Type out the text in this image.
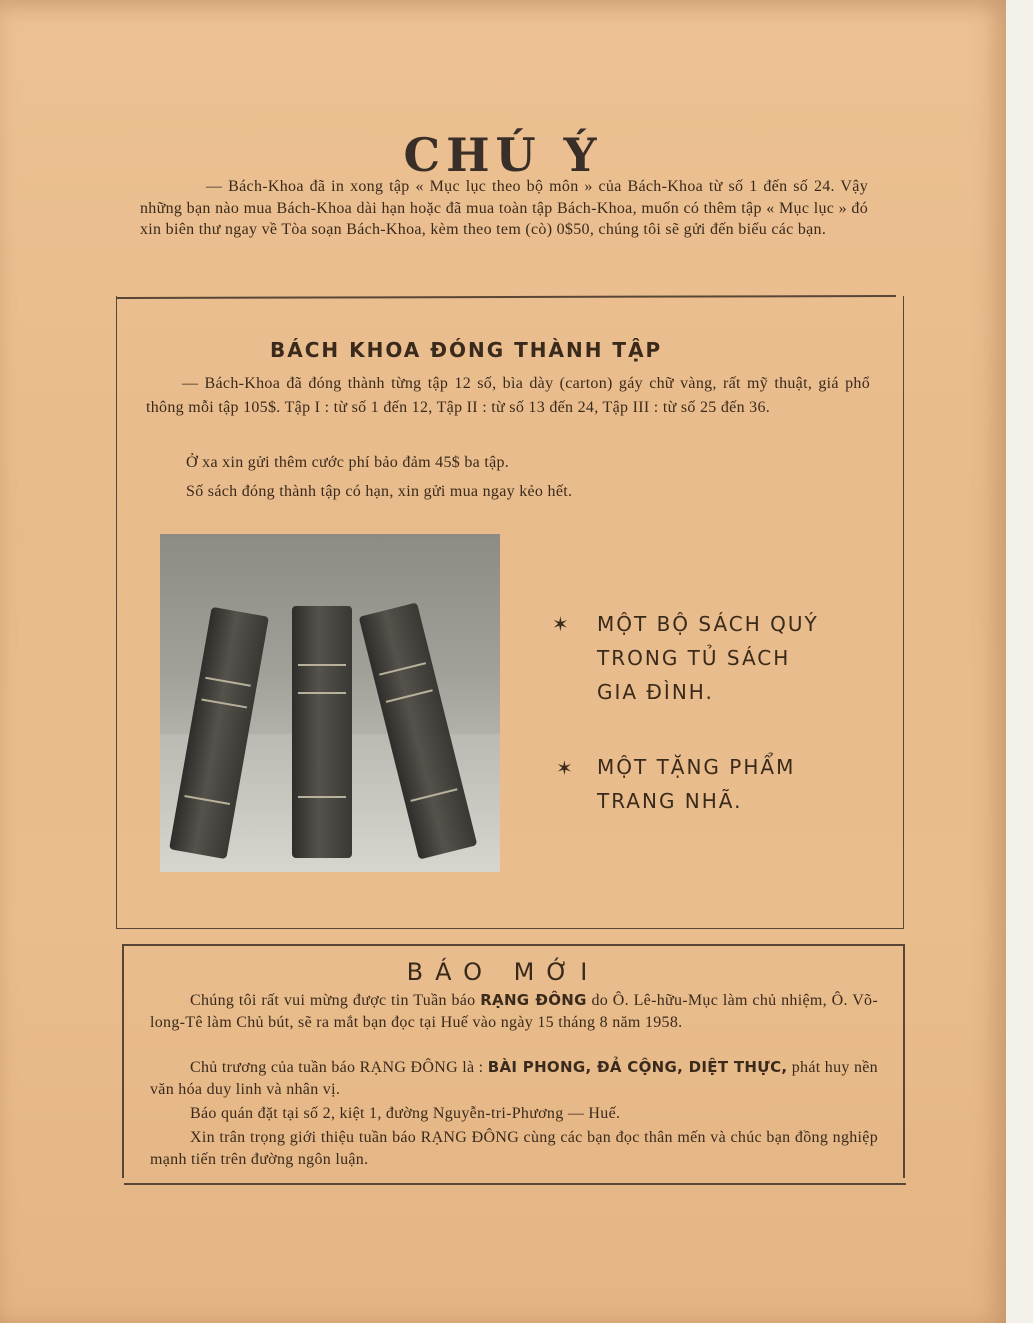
CHÚ Ý

— Bách-Khoa đã in xong tập « Mục lục theo bộ môn » của Bách-Khoa từ số 1 đến số 24. Vậy những bạn nào mua Bách-Khoa dài hạn hoặc đã mua toàn tập Bách-Khoa, muốn có thêm tập « Mục lục » đó xin biên thư ngay về Tòa soạn Bách-Khoa, kèm theo tem (cò) 0$50, chúng tôi sẽ gửi đến biếu các bạn.

BÁCH KHOA ĐÓNG THÀNH TẬP

— Bách-Khoa đã đóng thành từng tập 12 số, bìa dày (carton) gáy chữ vàng, rất mỹ thuật, giá phổ thông mỗi tập 105$. Tập I : từ số 1 đến 12, Tập II : từ số 13 đến 24, Tập III : từ số 25 đến 36.

Ở xa xin gửi thêm cước phí bảo đảm 45$ ba tập.

Số sách đóng thành tập có hạn, xin gửi mua ngay kẻo hết.

✶ MỘT BỘ SÁCH QUÝ
TRONG TỦ SÁCH
GIA ĐÌNH.
✶ MỘT TẶNG PHẨM
TRANG NHÃ.
BÁO MỚI

Chúng tôi rất vui mừng được tin Tuần báo RẠNG ĐÔNG do Ô. Lê-hữu-Mục làm chủ nhiệm, Ô. Võ-long-Tê làm Chủ bút, sẽ ra mắt bạn đọc tại Huế vào ngày 15 tháng 8 năm 1958.

Chủ trương của tuần báo RẠNG ĐÔNG là : BÀI PHONG, ĐẢ CỘNG, DIỆT THỰC, phát huy nền văn hóa duy linh và nhân vị.

Báo quán đặt tại số 2, kiệt 1, đường Nguyễn-tri-Phương — Huế.

Xin trân trọng giới thiệu tuần báo RẠNG ĐÔNG cùng các bạn đọc thân mến và chúc bạn đồng nghiệp mạnh tiến trên đường ngôn luận.
